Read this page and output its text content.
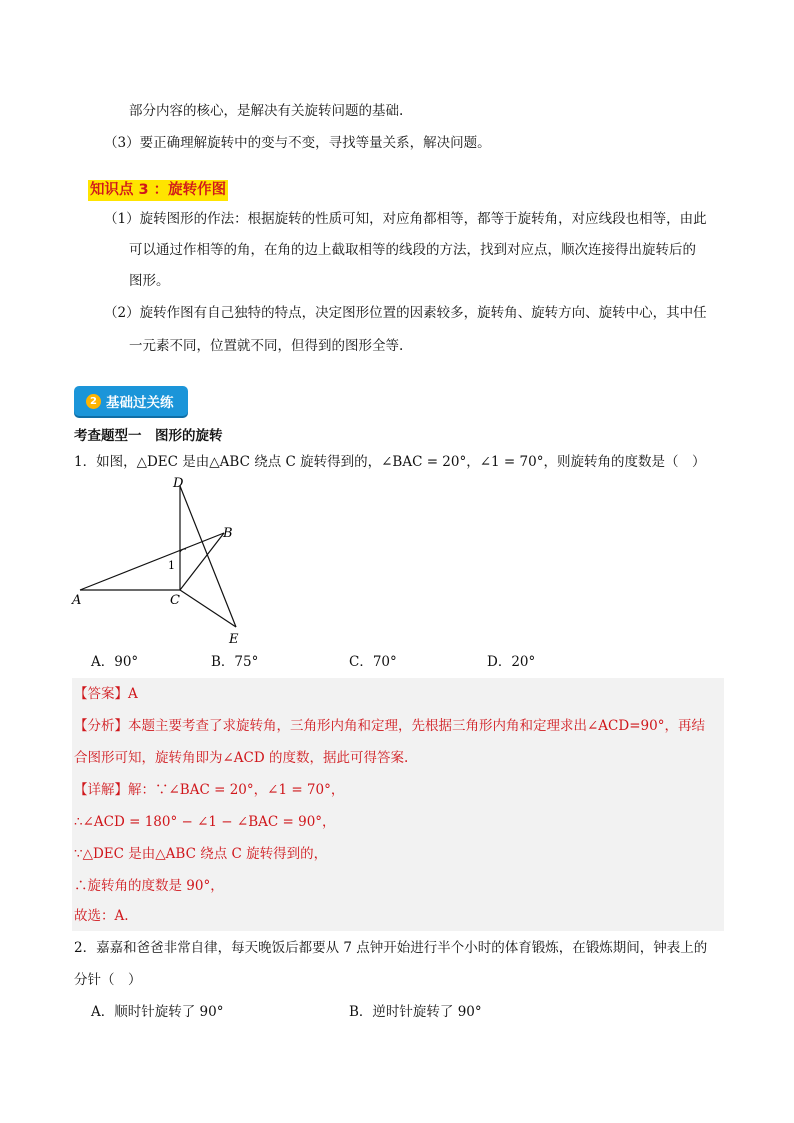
部分内容的核心，是解决有关旋转问题的基础.
（3）要正确理解旋转中的变与不变，寻找等量关系，解决问题。
知识点 3 ：旋转作图
（1）旋转图形的作法：根据旋转的性质可知，对应角都相等，都等于旋转角，对应线段也相等，由此
可以通过作相等的角，在角的边上截取相等的线段的方法，找到对应点，顺次连接得出旋转后的
图形。
（2）旋转作图有自己独特的特点，决定图形位置的因素较多，旋转角、旋转方向、旋转中心，其中任
一元素不同，位置就不同，但得到的图形全等.
2 基础过关练
考查题型一　图形的旋转
1．如图，△DEC 是由△ABC 绕点 C 旋转得到的，∠BAC = 20°，∠1 = 70°，则旋转角的度数是（　）
D
B
1
A	C
E
A．90°	B．75°	C．70°	D．20°
【答案】A
【分析】本题主要考查了求旋转角，三角形内角和定理，先根据三角形内角和定理求出∠ACD=90°，再结
合图形可知，旋转角即为∠ACD 的度数，据此可得答案.
【详解】解：∵∠BAC = 20°，∠1 = 70°，
∴∠ACD = 180° − ∠1 − ∠BAC = 90°，
∵△DEC 是由△ABC 绕点 C 旋转得到的，
∴旋转角的度数是 90°，
故选：A.
2．嘉嘉和爸爸非常自律，每天晚饭后都要从 7 点钟开始进行半个小时的体育锻炼，在锻炼期间，钟表上的
分针（　）
A．顺时针旋转了 90°	B．逆时针旋转了 90°
